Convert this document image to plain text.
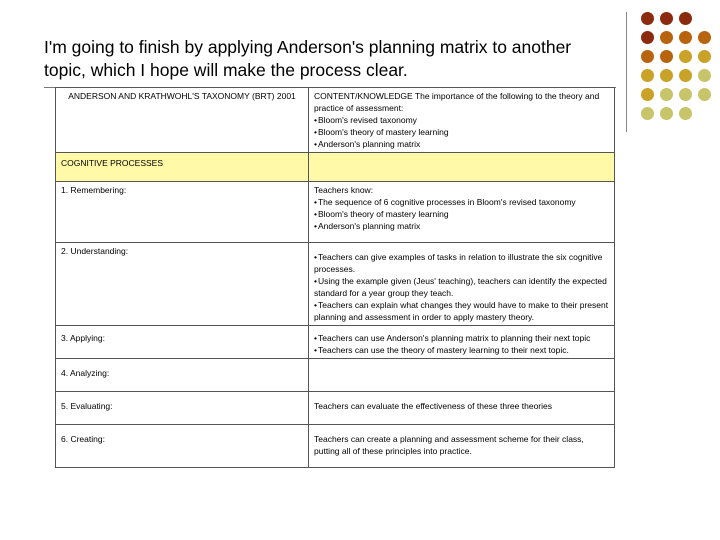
I'm going to finish by applying Anderson's planning matrix to another topic, which I hope will make the process clear.
ANDERSON AND KRATHWOHL'S TAXONOMY (BRT) 2001	CONTENT/KNOWLEDGE The importance of the following to the theory and practice of assessment:
• Bloom's revised taxonomy
• Bloom's theory of mastery learning
• Anderson's planning matrix

COGNITIVE PROCESSES	
1. Remembering:	Teachers know:
• The sequence of 6 cognitive processes in Bloom's revised taxonomy
• Bloom's theory of mastery learning
• Anderson's planning matrix

2. Understanding:	• Teachers can give examples of tasks in relation to illustrate the six cognitive processes.
• Using the example given (Jeus' teaching), teachers can identify the expected standard for a year group they teach.
• Teachers can explain what changes they would have to make to their present planning and assessment in order to apply mastery theory.

3. Applying:	• Teachers can use Anderson's planning matrix to planning their next topic
• Teachers can use the theory of mastery learning to their next topic.

4. Analyzing:	
5. Evaluating:	Teachers can evaluate the effectiveness of these three theories
6. Creating:	Teachers can create a planning and assessment scheme for their class, putting all of these principles into practice.
